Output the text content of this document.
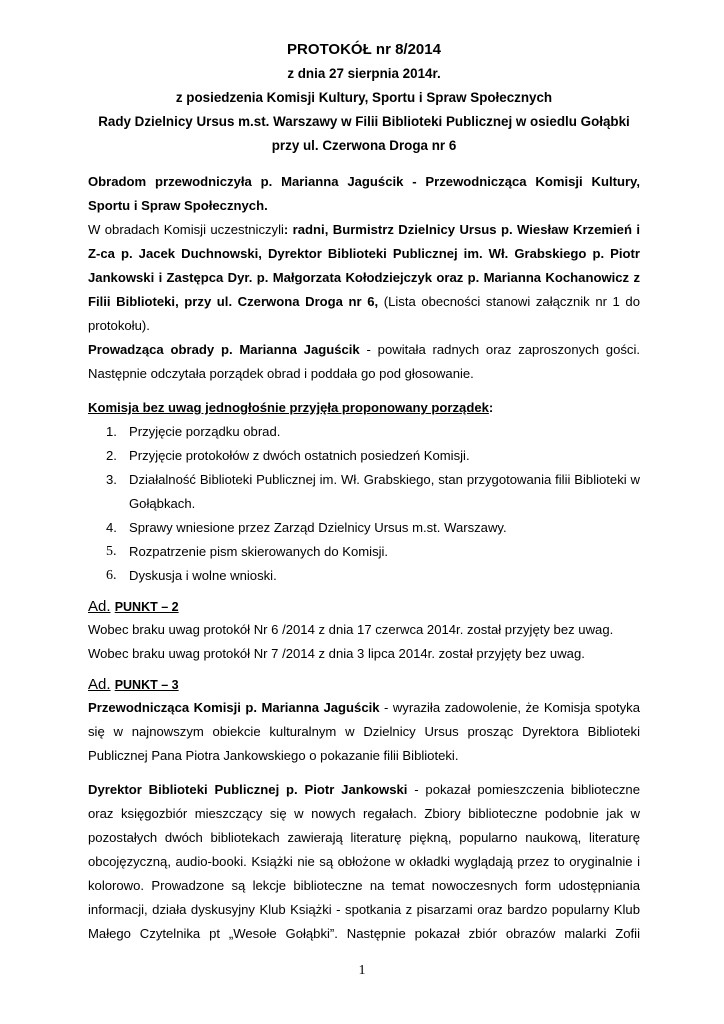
PROTOKÓŁ nr 8/2014
z dnia 27 sierpnia 2014r.
z posiedzenia Komisji Kultury, Sportu i Spraw Społecznych
Rady Dzielnicy Ursus m.st. Warszawy w Filii Biblioteki Publicznej w osiedlu Gołąbki
przy ul. Czerwona Droga nr 6

Obradom przewodniczyła p. Marianna Jaguścik - Przewodnicząca Komisji Kultury, Sportu i Spraw Społecznych.

W obradach Komisji uczestniczyli: radni, Burmistrz Dzielnicy Ursus p. Wiesław Krzemień i Z-ca p. Jacek Duchnowski, Dyrektor Biblioteki Publicznej im. Wł. Grabskiego p. Piotr Jankowski i Zastępca Dyr. p. Małgorzata Kołodziejczyk oraz p. Marianna Kochanowicz z Filii Biblioteki, przy ul. Czerwona Droga nr 6, (Lista obecności stanowi załącznik nr 1 do protokołu).

Prowadząca obrady p. Marianna Jaguścik - powitała radnych oraz zaproszonych gości. Następnie odczytała porządek obrad i poddała go pod głosowanie.

Komisja bez uwag jednogłośnie przyjęła proponowany porządek:

1. Przyjęcie porządku obrad.
2. Przyjęcie protokołów z dwóch ostatnich posiedzeń Komisji.
3. Działalność Biblioteki Publicznej im. Wł. Grabskiego, stan przygotowania filii Biblioteki w Gołąbkach.
4. Sprawy wniesione przez Zarząd Dzielnicy Ursus m.st. Warszawy.
5. Rozpatrzenie pism skierowanych do Komisji.
6. Dyskusja i wolne wnioski.
Ad. PUNKT – 2

Wobec braku uwag protokół Nr 6 /2014 z dnia 17 czerwca 2014r. został przyjęty bez uwag.

Wobec braku uwag protokół Nr 7 /2014 z dnia 3 lipca 2014r. został przyjęty bez uwag.

Ad. PUNKT – 3

Przewodnicząca Komisji p. Marianna Jaguścik - wyraziła zadowolenie, że Komisja spotyka się w najnowszym obiekcie kulturalnym w Dzielnicy Ursus prosząc Dyrektora Biblioteki Publicznej Pana Piotra Jankowskiego o pokazanie filii Biblioteki.

Dyrektor Biblioteki Publicznej p. Piotr Jankowski - pokazał pomieszczenia biblioteczne oraz księgozbiór mieszczący się w nowych regałach. Zbiory biblioteczne podobnie jak w pozostałych dwóch bibliotekach zawierają literaturę piękną, popularno naukową, literaturę obcojęzyczną, audio-booki. Książki nie są obłożone w okładki wyglądają przez to oryginalnie i kolorowo. Prowadzone są lekcje biblioteczne na temat nowoczesnych form udostępniania informacji, działa dyskusyjny Klub Książki - spotkania z pisarzami oraz bardzo popularny Klub Małego Czytelnika pt „Wesołe Gołąbki”. Następnie pokazał zbiór obrazów malarki Zofii

1
